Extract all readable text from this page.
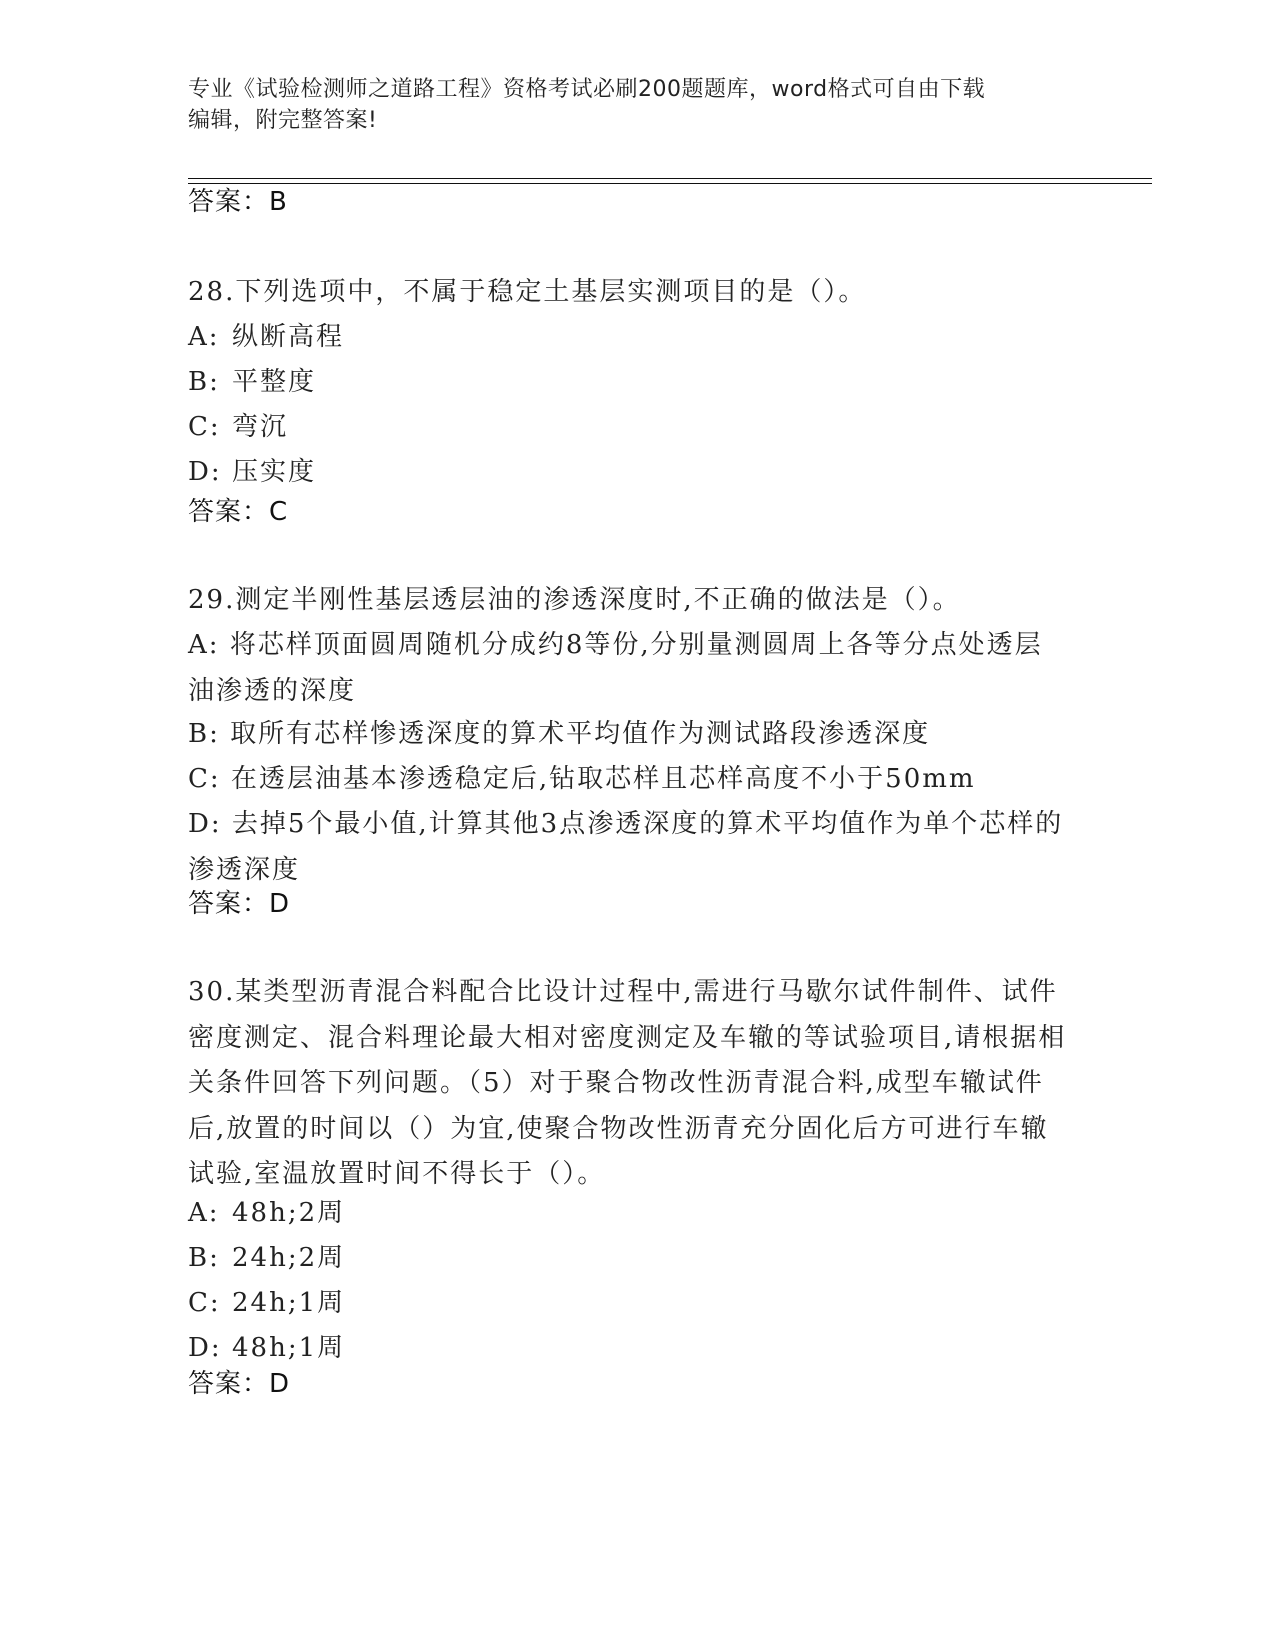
专业《试验检测师之道路工程》资格考试必刷200题题库，word格式可自由下载
编辑，附完整答案!
答案：B
28.下列选项中，不属于稳定土基层实测项目的是（）。
A: 纵断高程
B: 平整度
C: 弯沉
D: 压实度
答案：C
29.测定半刚性基层透层油的渗透深度时,不正确的做法是（）。
A: 将芯样顶面圆周随机分成约8等份,分别量测圆周上各等分点处透层油渗透的深度
B: 取所有芯样惨透深度的算术平均值作为测试路段渗透深度
C: 在透层油基本渗透稳定后,钻取芯样且芯样高度不小于50mm
D: 去掉5个最小值,计算其他3点渗透深度的算术平均值作为单个芯样的渗透深度
答案：D
30.某类型沥青混合料配合比设计过程中,需进行马歇尔试件制件、试件密度测定、混合料理论最大相对密度测定及车辙的等试验项目,请根据相关条件回答下列问题。（5）对于聚合物改性沥青混合料,成型车辙试件后,放置的时间以（）为宜,使聚合物改性沥青充分固化后方可进行车辙试验,室温放置时间不得长于（）。
A: 48h;2周
B: 24h;2周
C: 24h;1周
D: 48h;1周
答案：D
